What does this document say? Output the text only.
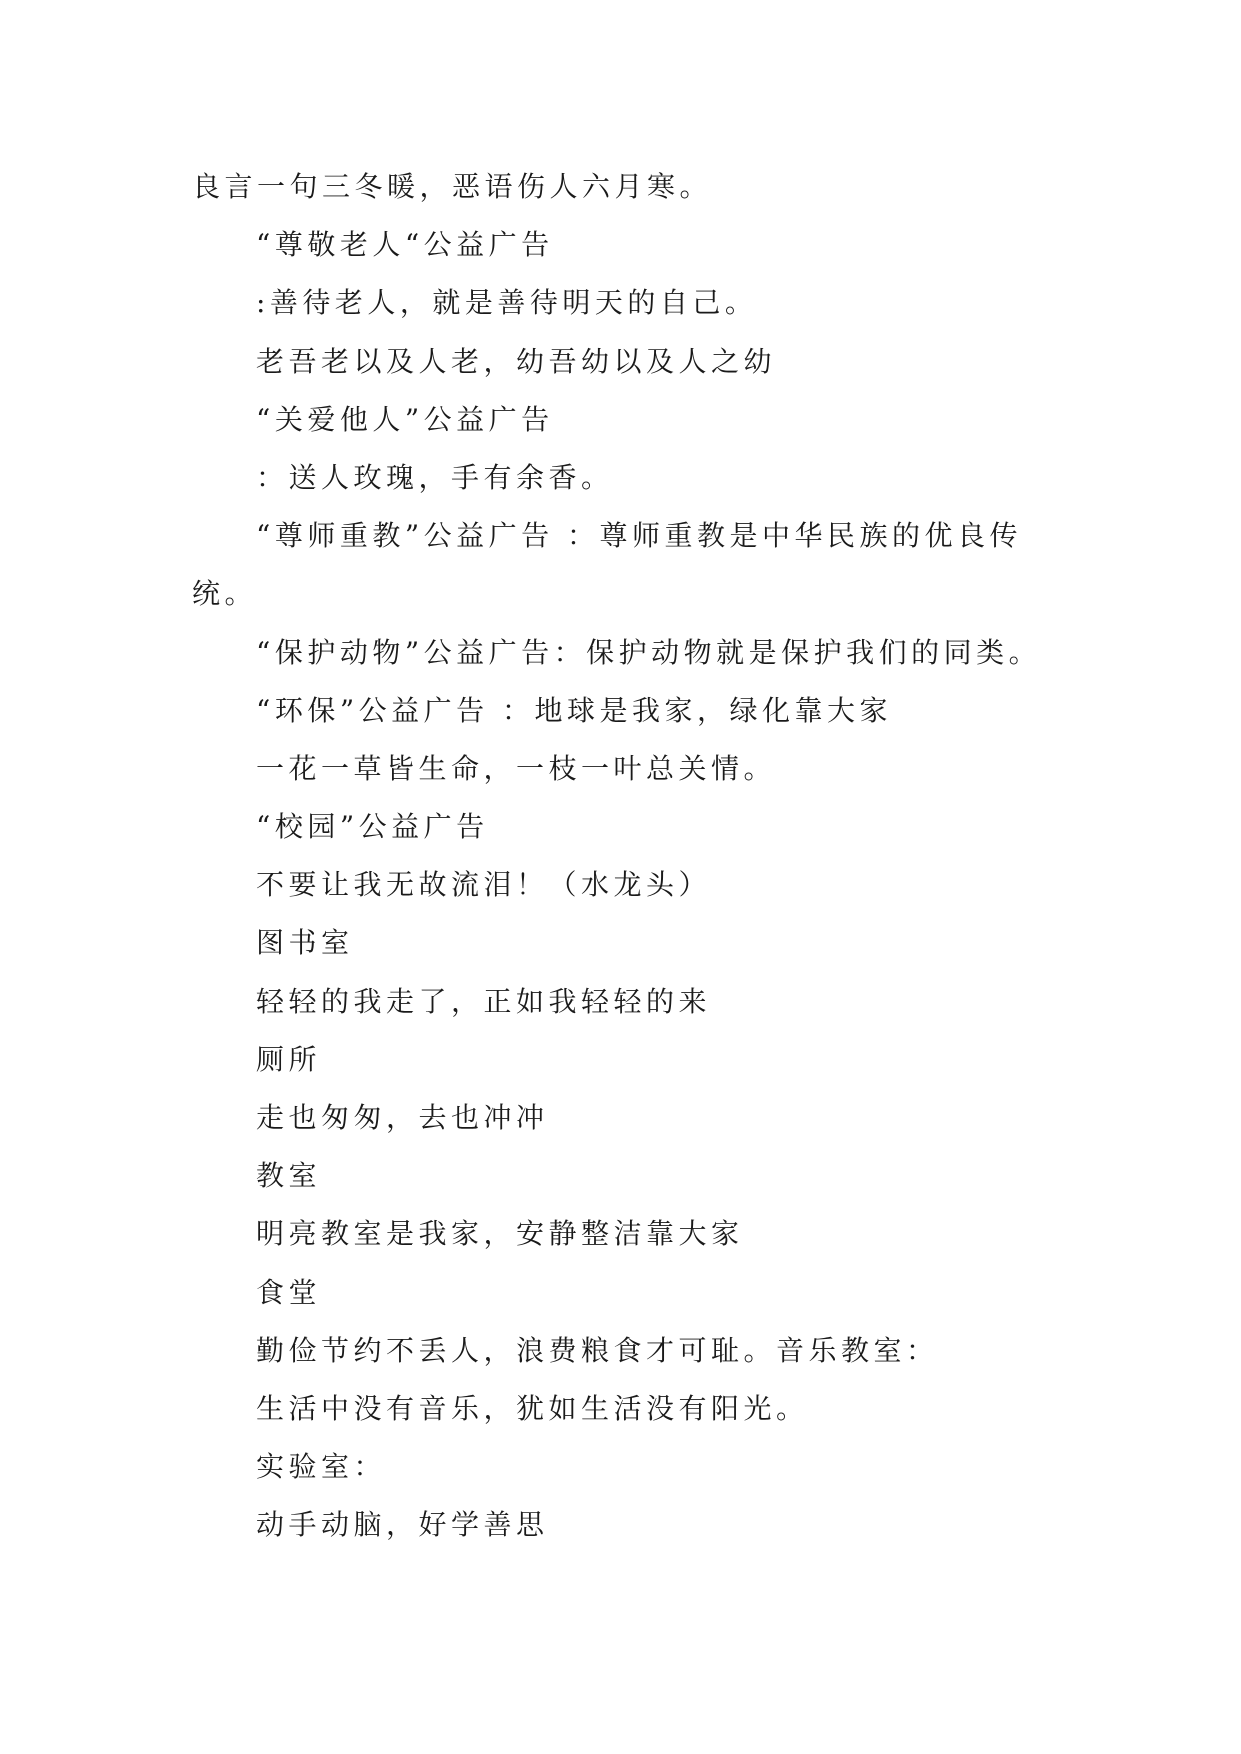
良言一句三冬暖，恶语伤人六月寒。

“尊敬老人“公益广告

:善待老人，就是善待明天的自己。

老吾老以及人老，幼吾幼以及人之幼

“关爱他人”公益广告

：送人玫瑰，手有余香。

“尊师重教”公益广告 ：尊师重教是中华民族的优良传统。

“保护动物”公益广告：保护动物就是保护我们的同类。

“环保”公益广告 ：地球是我家，绿化靠大家

一花一草皆生命，一枝一叶总关情。

“校园”公益广告

不要让我无故流泪！（水龙头）

图书室

轻轻的我走了，正如我轻轻的来

厕所

走也匆匆，去也冲冲

教室

明亮教室是我家，安静整洁靠大家

食堂

勤俭节约不丢人，浪费粮食才可耻。音乐教室：

生活中没有音乐，犹如生活没有阳光。

实验室：

动手动脑，好学善思
